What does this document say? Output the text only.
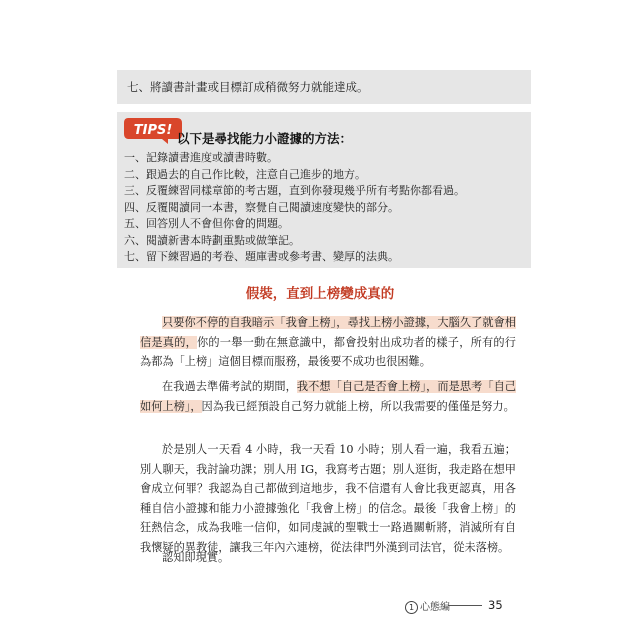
七、將讀書計畫或目標訂成稍微努力就能達成。
TIPS!
以下是尋找能力小證據的方法：
一、記錄讀書進度或讀書時數。
二、跟過去的自己作比較，注意自己進步的地方。
三、反覆練習同樣章節的考古題，直到你發現幾乎所有考點你都看過。
四、反覆閱讀同一本書，察覺自己閱讀速度變快的部分。
五、回答別人不會但你會的問題。
六、閱讀新書本時劃重點或做筆記。
七、留下練習過的考卷、題庫書或參考書、變厚的法典。
假裝，直到上榜變成真的

只要你不停的自我暗示「我會上榜」，尋找上榜小證據，大腦久了就會相信是真的，你的一舉一動在無意識中，都會投射出成功者的樣子，所有的行為都為「上榜」這個目標而服務，最後要不成功也很困難。

在我過去準備考試的期間，我不想「自己是否會上榜」，而是思考「自己如何上榜」，因為我已經預設自己努力就能上榜，所以我需要的僅僅是努力。

於是別人一天看 4 小時，我一天看 10 小時；別人看一遍，我看五遍；別人聊天，我討論功課；別人用 IG，我寫考古題；別人逛街，我走路在想甲會成立何罪？我認為自己都做到這地步，我不信還有人會比我更認真，用各種自信小證據和能力小證據強化「我會上榜」的信念。最後「我會上榜」的狂熱信念，成為我唯一信仰，如同虔誠的聖戰士一路過關斬將，消滅所有自我懷疑的異教徒，讓我三年內六連榜，從法律門外漢到司法官，從未落榜。

認知即現實。

1 心態編	35
